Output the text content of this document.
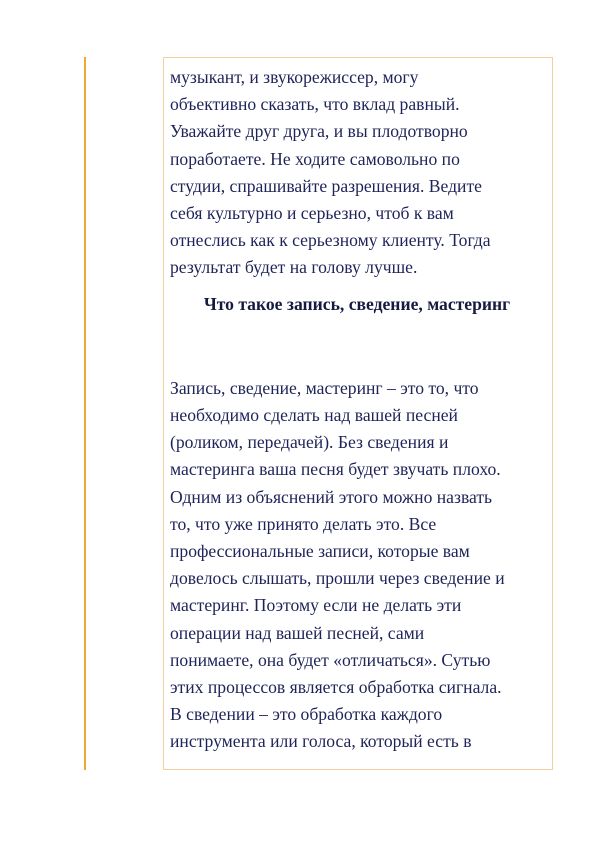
музыкант, и звукорежиссер, могу
объективно сказать, что вклад равный.
Уважайте друг друга, и вы плодотворно
поработаете. Не ходите самовольно по
студии, спрашивайте разрешения. Ведите
себя культурно и серьезно, чтоб к вам
отнеслись как к серьезному клиенту. Тогда
результат будет на голову лучше.

Что такое запись, сведение, мастеринг

Запись, сведение, мастеринг – это то, что
необходимо сделать над вашей песней
(роликом, передачей). Без сведения и
мастеринга ваша песня будет звучать плохо.
Одним из объяснений этого можно назвать
то, что уже принято делать это. Все
профессиональные записи, которые вам
довелось слышать, прошли через сведение и
мастеринг. Поэтому если не делать эти
операции над вашей песней, сами
понимаете, она будет «отличаться». Сутью
этих процессов является обработка сигнала.
В сведении – это обработка каждого
инструмента или голоса, который есть в
